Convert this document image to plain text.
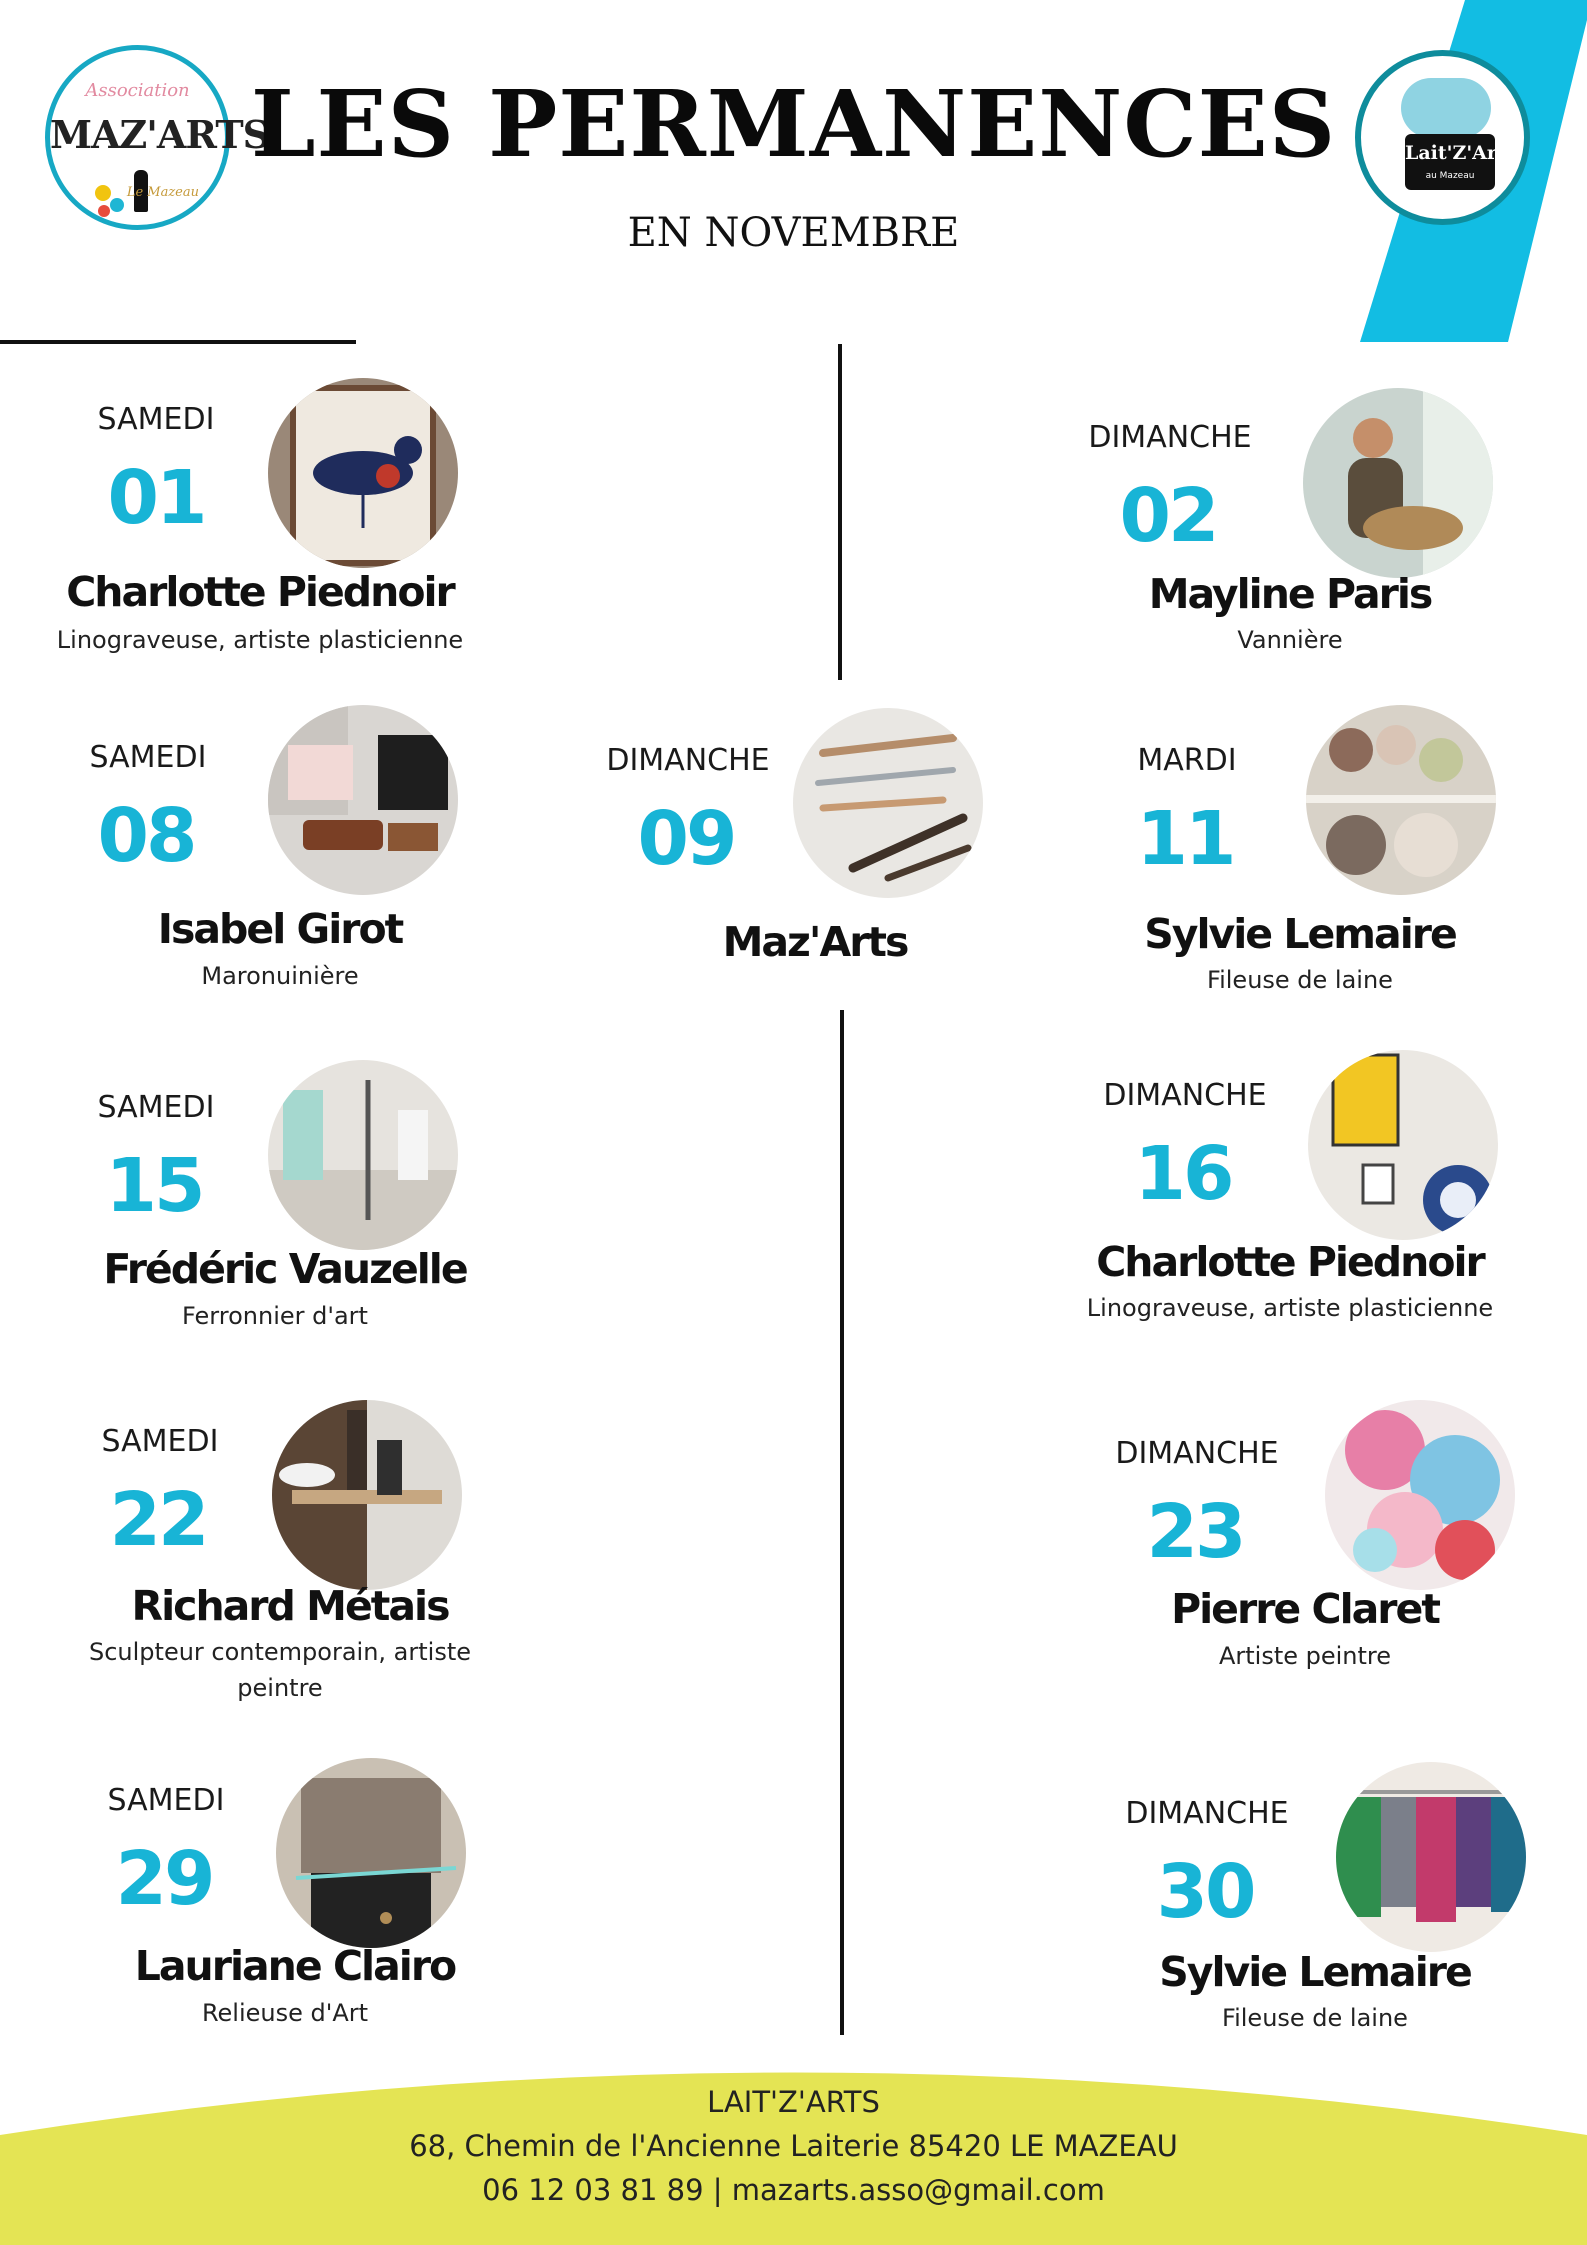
Association
MAZ'ARTS
Le Mazeau
LES PERMANENCES
EN NOVEMBRE
Lait'Z'Arts
au Mazeau
SAMEDI
01
Charlotte Piednoir
Linograveuse, artiste plasticienne
DIMANCHE
02
Mayline Paris
Vannière
SAMEDI
08
Isabel Girot
Maronuinière
DIMANCHE
09
Maz'Arts
MARDI
11
Sylvie Lemaire
Fileuse de laine
SAMEDI
15
Frédéric Vauzelle
Ferronnier d'art
DIMANCHE
16
Charlotte Piednoir
Linograveuse, artiste plasticienne
SAMEDI
22
Richard Métais
Sculpteur contemporain, artiste peintre
DIMANCHE
23
Pierre Claret
Artiste peintre
SAMEDI
29
Lauriane Clairo
Relieuse d'Art
DIMANCHE
30
Sylvie Lemaire
Fileuse de laine
LAIT'Z'ARTS
68, Chemin de l'Ancienne Laiterie 85420 LE MAZEAU
06 12 03 81 89 | mazarts.asso@gmail.com
